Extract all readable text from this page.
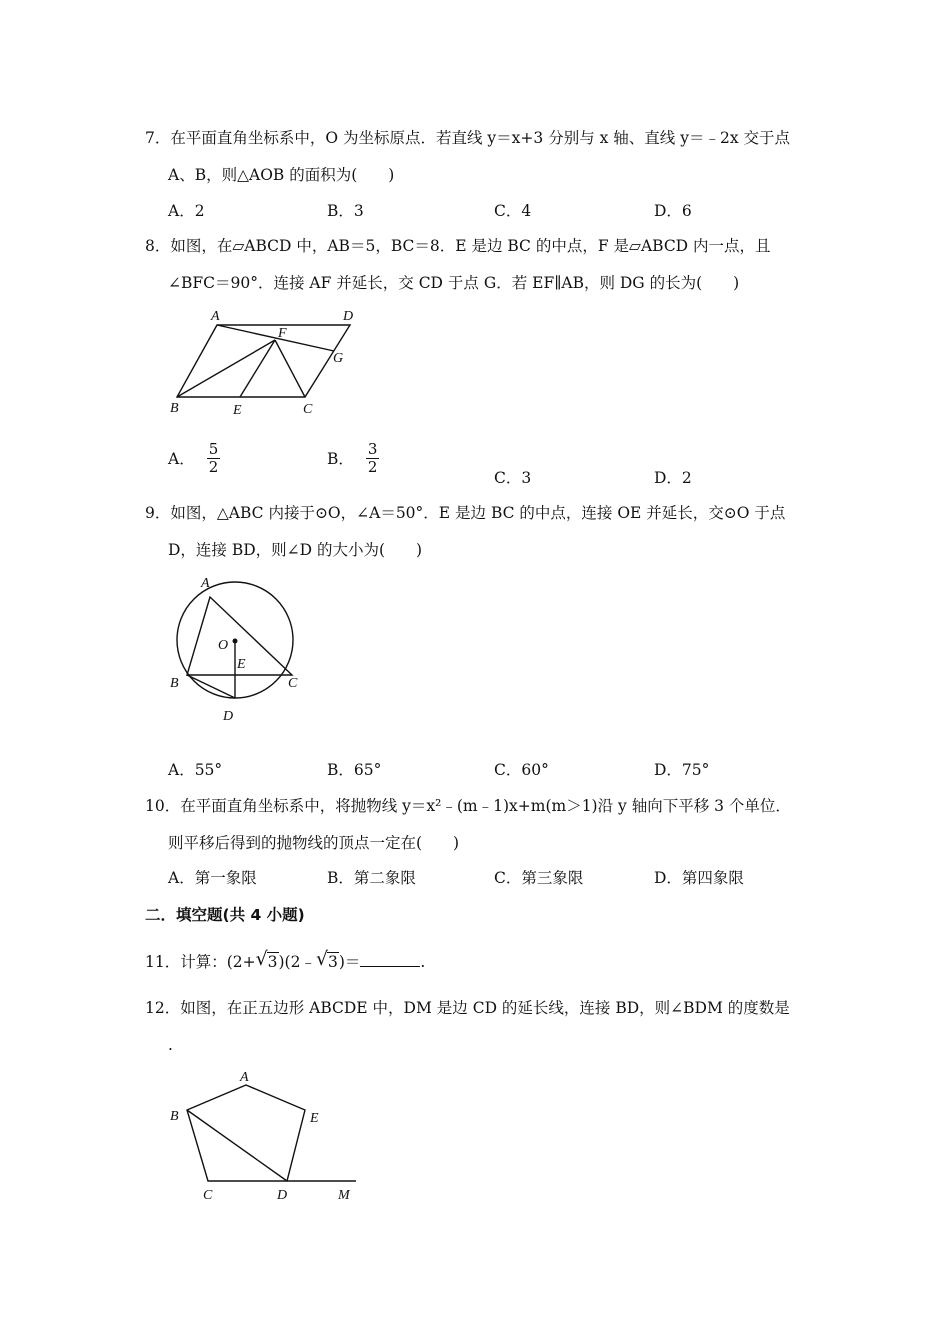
7．在平面直角坐标系中，O 为坐标原点．若直线 y＝x+3 分别与 x 轴、直线 y＝﹣2x 交于点
A、B，则△AOB 的面积为(　　)
A．2	B．3	C．4	D．6
8．如图，在▱ABCD 中，AB＝5，BC＝8．E 是边 BC 的中点，F 是▱ABCD 内一点，且
∠BFC＝90°．连接 AF 并延长，交 CD 于点 G．若 EF∥AB，则 DG 的长为(　　)
A	D
F
G
B	E	C
A． $\frac{5}{2}$	B． $\frac{3}{2}$
C．3	D．2
9．如图，△ABC 内接于⊙O，∠A＝50°．E 是边 BC 的中点，连接 OE 并延长，交⊙O 于点
D，连接 BD，则∠D 的大小为(　　)
A
O
E
B	C
D
A．55°	B．65°	C．60°	D．75°
10．在平面直角坐标系中，将抛物线 y＝x²﹣(m﹣1)x+m(m＞1)沿 y 轴向下平移 3 个单位．
则平移后得到的抛物线的顶点一定在(　　)
A．第一象限	B．第二象限	C．第三象限	D．第四象限
二．填空题(共 4 小题)
11．计算：(2+ √ 3)(2﹣ √ 3)＝	.
12．如图，在正五边形 ABCDE 中，DM 是边 CD 的延长线，连接 BD，则∠BDM 的度数是
.
A
B	E
C	D	M
